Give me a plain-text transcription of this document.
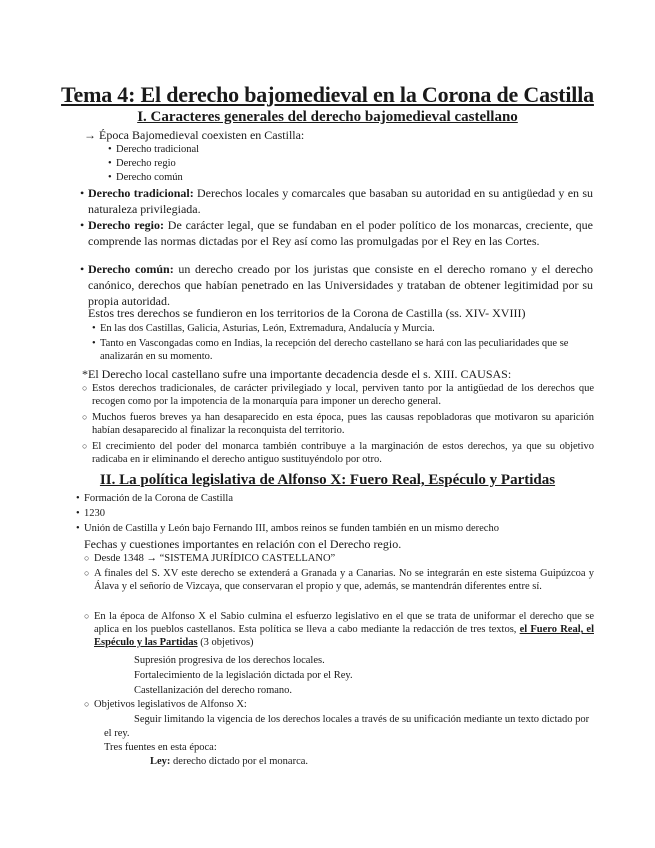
Tema 4: El derecho bajomedieval en la Corona de Castilla
I. Caracteres generales del derecho bajomedieval castellano
→ Época Bajomedieval coexisten en Castilla:
• Derecho tradicional
• Derecho regio
• Derecho común
• Derecho tradicional: Derechos locales y comarcales que basaban su autoridad en su antigüedad y en su naturaleza privilegiada.
• Derecho regio: De carácter legal, que se fundaban en el poder político de los monarcas, creciente, que comprende las normas dictadas por el Rey así como las promulgadas por el Rey en las Cortes.
• Derecho común: un derecho creado por los juristas que consiste en el derecho romano y el derecho canónico, derechos que habían penetrado en las Universidades y trataban de obtener legitimidad por su propia autoridad.
Estos tres derechos se fundieron en los territorios de la Corona de Castilla (ss. XIV- XVIII)
• En las dos Castillas, Galicia, Asturias, León, Extremadura, Andalucía y Murcia.
• Tanto en Vascongadas como en Indias, la recepción del derecho castellano se hará con las peculiaridades que se analizarán en su momento.
*El Derecho local castellano sufre una importante decadencia desde el s. XIII. CAUSAS:
○ Estos derechos tradicionales, de carácter privilegiado y local, perviven tanto por la antigüedad de los derechos que recogen como por la impotencia de la monarquía para imponer un derecho general.
○ Muchos fueros breves ya han desaparecido en esta época, pues las causas repobladoras que motivaron su aparición habían desaparecido al finalizar la reconquista del territorio.
○ El crecimiento del poder del monarca también contribuye a la marginación de estos derechos, ya que su objetivo radicaba en ir eliminando el derecho antiguo sustituyéndolo por otro.
II. La política legislativa de Alfonso X: Fuero Real, Espéculo y Partidas
• Formación de la Corona de Castilla
• 1230
• Unión de Castilla y León bajo Fernando III, ambos reinos se funden también en un mismo derecho
Fechas y cuestiones importantes en relación con el Derecho regio.
○ Desde 1348 → “SISTEMA JURÍDICO CASTELLANO”
○ A finales del S. XV este derecho se extenderá a Granada y a Canarias. No se integrarán en este sistema Guipúzcoa y Álava y el señorío de Vizcaya, que conservaran el propio y que, además, se mantendrán diferentes entre sí.
○ En la época de Alfonso X el Sabio culmina el esfuerzo legislativo en el que se trata de uniformar el derecho que se aplica en los pueblos castellanos. Esta política se lleva a cabo mediante la redacción de tres textos, el Fuero Real, el Espéculo y las Partidas (3 objetivos)
Supresión progresiva de los derechos locales.
Fortalecimiento de la legislación dictada por el Rey.
Castellanización del derecho romano.
○ Objetivos legislativos de Alfonso X:
Seguir limitando la vigencia de los derechos locales a través de su unificación mediante un texto dictado por el rey.
Tres fuentes en esta época:
Ley: derecho dictado por el monarca.
